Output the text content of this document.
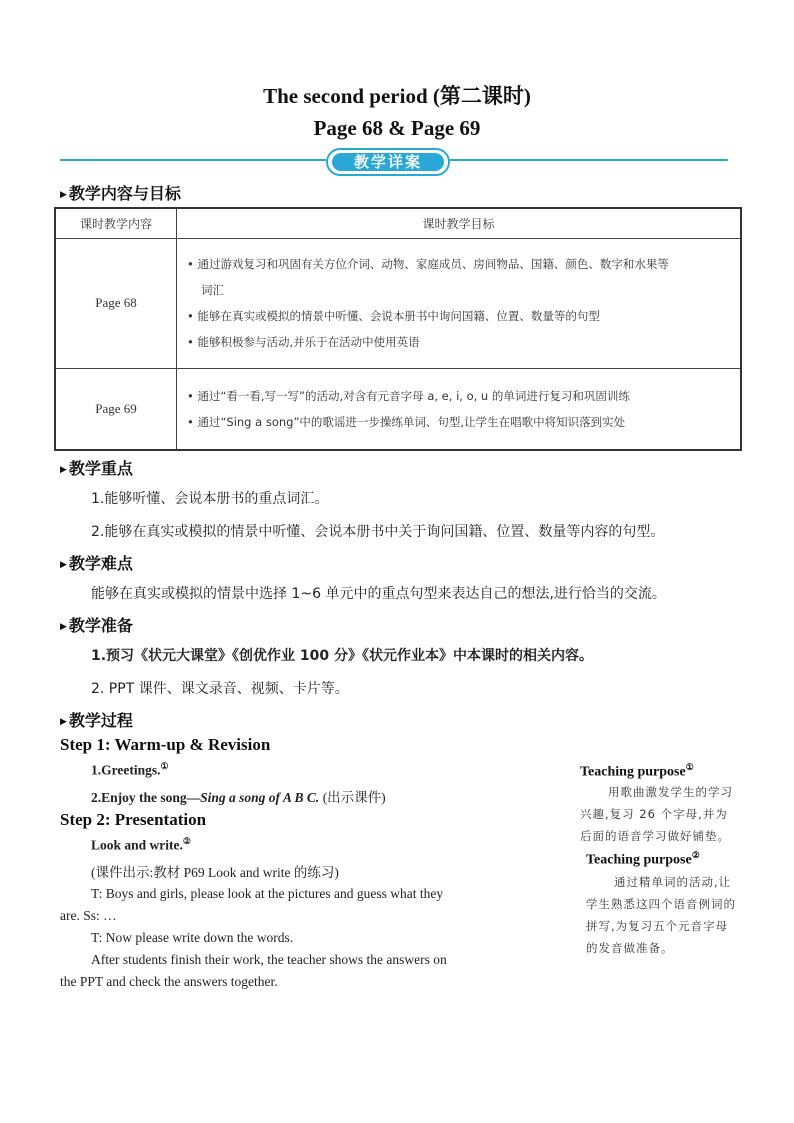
The second period (第二课时)
Page 68 & Page 69
教学详案
▶ 教学内容与目标
课时教学内容	课时教学目标
Page 68	• 通过游戏复习和巩固有关方位介词、动物、家庭成员、房间物品、国籍、颜色、数字和水果等
词汇
• 能够在真实或模拟的情景中听懂、会说本册书中询问国籍、位置、数量等的句型
• 能够积极参与活动,并乐于在活动中使用英语

Page 69	• 通过“看一看,写一写”的活动,对含有元音字母 a, e, i, o, u 的单词进行复习和巩固训练
• 通过“Sing a song”中的歌谣进一步操练单词、句型,让学生在唱歌中将知识落到实处
▶ 教学重点
1.能够听懂、会说本册书的重点词汇。
2.能够在真实或模拟的情景中听懂、会说本册书中关于询问国籍、位置、数量等内容的句型。
▶ 教学难点
能够在真实或模拟的情景中选择 1~6 单元中的重点句型来表达自己的想法,进行恰当的交流。
▶ 教学准备
1.预习《状元大课堂》《创优作业 100 分》《状元作业本》中本课时的相关内容。
2. PPT 课件、课文录音、视频、卡片等。
▶ 教学过程
Step 1: Warm-up & Revision
1.Greetings.①
2.Enjoy the song—Sing a song of A B C. (出示课件)
Step 2: Presentation
Look and write.②
(课件出示:教材 P69 Look and write 的练习)
T: Boys and girls, please look at the pictures and guess what they
are. Ss: …
T: Now please write down the words.
After students finish their work, the teacher shows the answers on
the PPT and check the answers together.
Teaching purpose①
用歌曲激发学生的学习
兴趣,复习 26 个字母,并为
后面的语音学习做好铺垫。
Teaching purpose②
通过精单词的活动,让
学生熟悉这四个语音例词的
拼写,为复习五个元音字母
的发音做准备。
